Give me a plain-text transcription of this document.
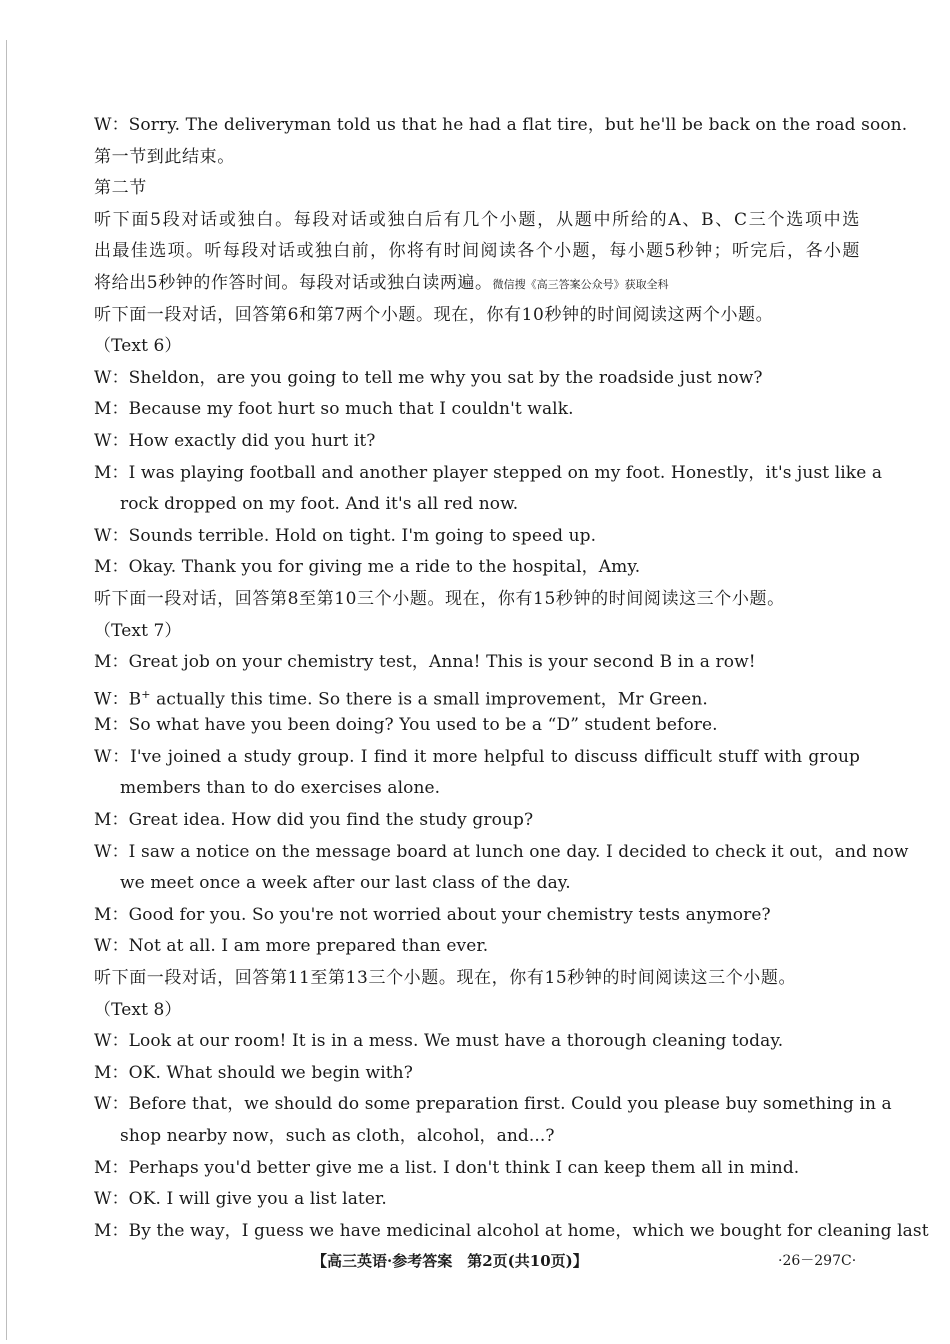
W：Sorry. The deliveryman told us that he had a flat tire，but he'll be back on the road soon.
第一节到此结束。
第二节
听下面5段对话或独白。每段对话或独白后有几个小题，从题中所给的A、B、C三个选项中选
出最佳选项。听每段对话或独白前，你将有时间阅读各个小题，每小题5秒钟；听完后，各小题
将给出5秒钟的作答时间。每段对话或独白读两遍。微信搜《高三答案公众号》获取全科
听下面一段对话，回答第6和第7两个小题。现在，你有10秒钟的时间阅读这两个小题。
（Text 6）
W：Sheldon，are you going to tell me why you sat by the roadside just now?
M：Because my foot hurt so much that I couldn't walk.
W：How exactly did you hurt it?
M：I was playing football and another player stepped on my foot. Honestly，it's just like a
rock dropped on my foot. And it's all red now.
W：Sounds terrible. Hold on tight. I'm going to speed up.
M：Okay. Thank you for giving me a ride to the hospital，Amy.
听下面一段对话，回答第8至第10三个小题。现在，你有15秒钟的时间阅读这三个小题。
（Text 7）
M：Great job on your chemistry test，Anna! This is your second B in a row!
W：B+ actually this time. So there is a small improvement，Mr Green.
M：So what have you been doing? You used to be a “D” student before.
W：I've joined a study group. I find it more helpful to discuss difficult stuff with group
members than to do exercises alone.
M：Great idea. How did you find the study group?
W：I saw a notice on the message board at lunch one day. I decided to check it out，and now
we meet once a week after our last class of the day.
M：Good for you. So you're not worried about your chemistry tests anymore?
W：Not at all. I am more prepared than ever.
听下面一段对话，回答第11至第13三个小题。现在，你有15秒钟的时间阅读这三个小题。
（Text 8）
W：Look at our room! It is in a mess. We must have a thorough cleaning today.
M：OK. What should we begin with?
W：Before that，we should do some preparation first. Could you please buy something in a
shop nearby now，such as cloth，alcohol，and...?
M：Perhaps you'd better give me a list. I don't think I can keep them all in mind.
W：OK. I will give you a list later.
M：By the way，I guess we have medicinal alcohol at home，which we bought for cleaning last
【高三英语·参考答案　第2页(共10页)】	·26－297C·
